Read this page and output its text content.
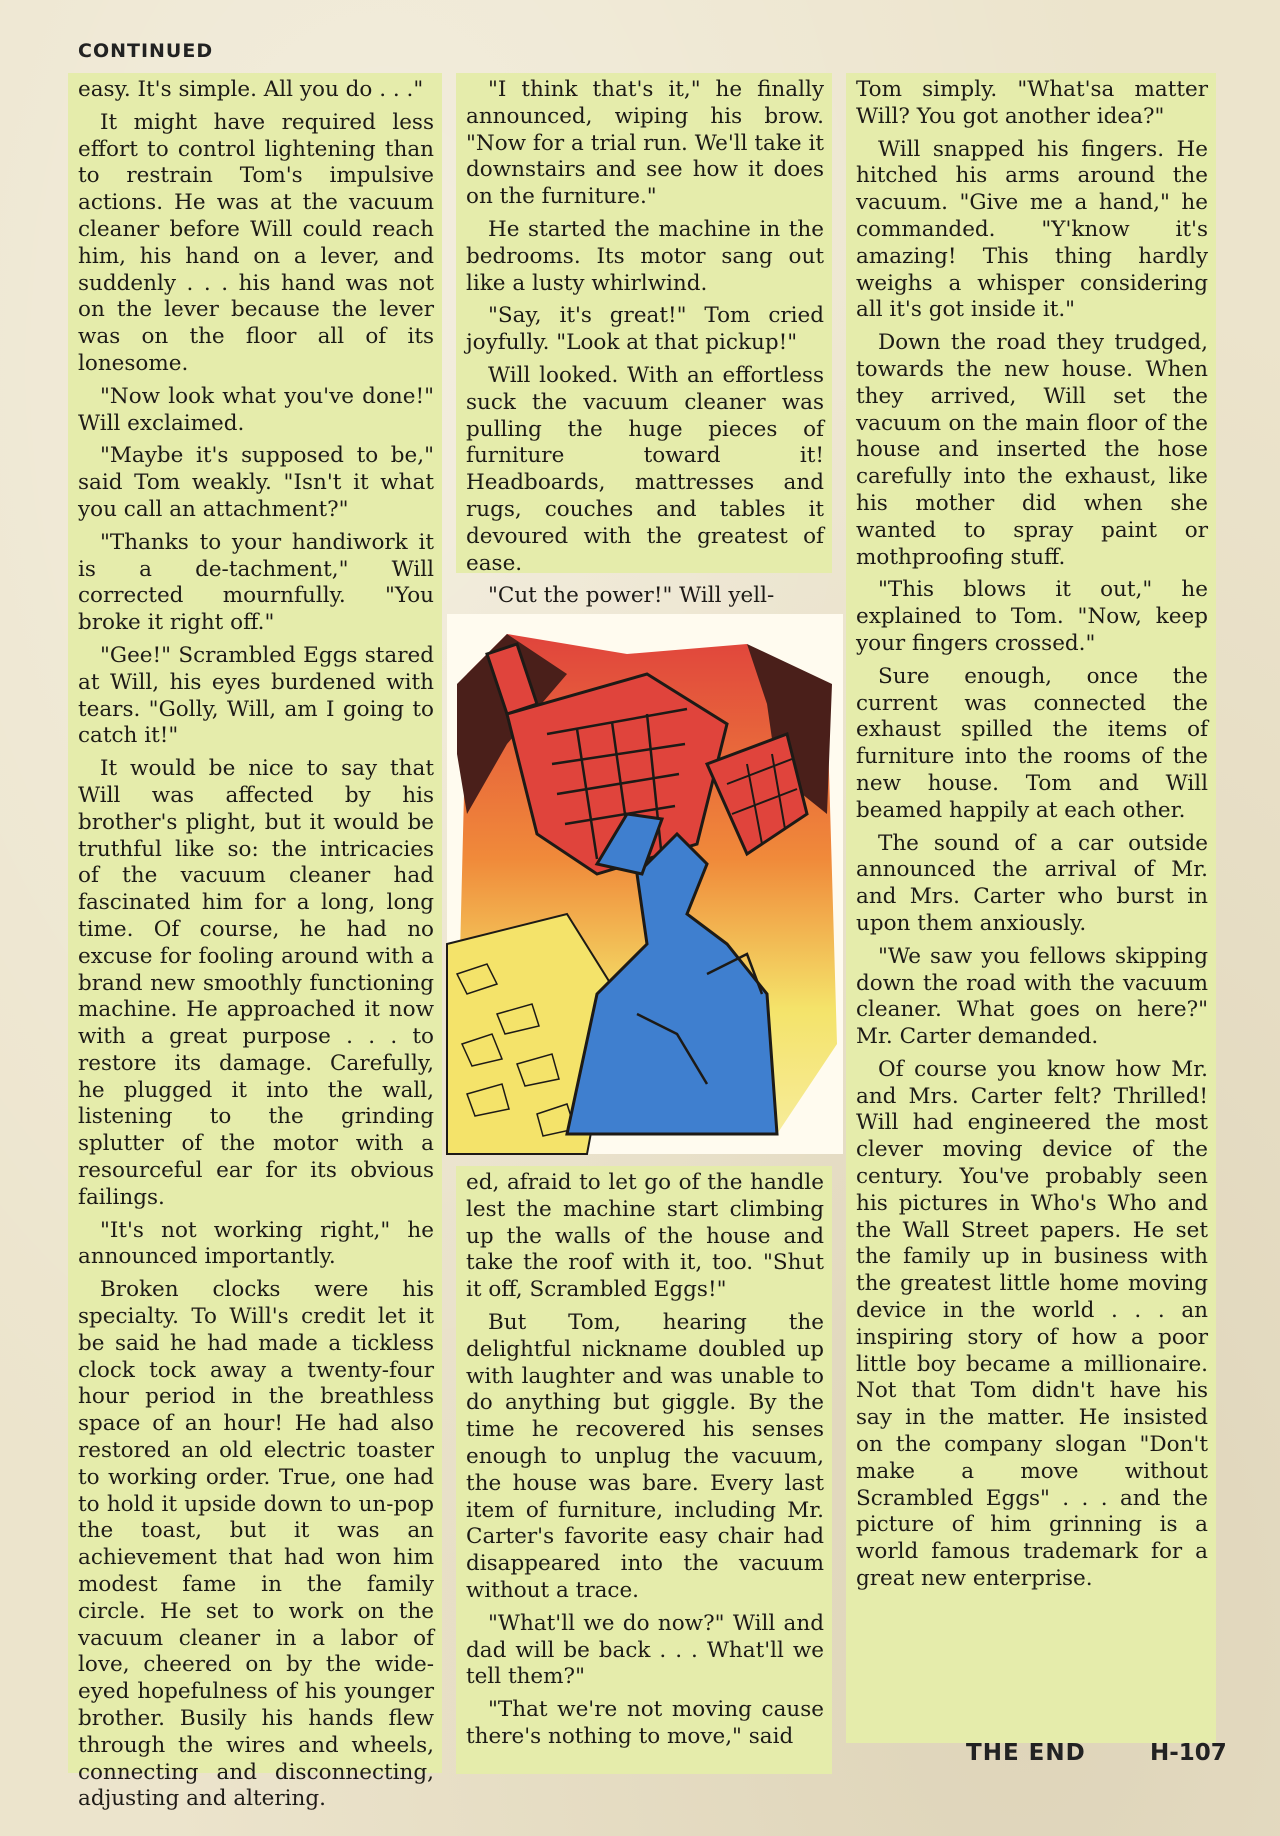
CONTINUED

easy. It's simple. All you do . . ."

It might have required less effort to control lightening than to restrain Tom's impulsive actions. He was at the vacuum cleaner before Will could reach him, his hand on a lever, and suddenly . . . his hand was not on the lever because the lever was on the floor all of its lonesome.

"Now look what you've done!" Will exclaimed.

"Maybe it's supposed to be," said Tom weakly. "Isn't it what you call an attachment?"

"Thanks to your handiwork it is a de-tachment," Will corrected mournfully. "You broke it right off."

"Gee!" Scrambled Eggs stared at Will, his eyes burdened with tears. "Golly, Will, am I going to catch it!"

It would be nice to say that Will was affected by his brother's plight, but it would be truthful like so: the intricacies of the vacuum cleaner had fascinated him for a long, long time. Of course, he had no excuse for fooling around with a brand new smoothly functioning machine. He approached it now with a great purpose . . . to restore its damage. Carefully, he plugged it into the wall, listening to the grinding splutter of the motor with a resourceful ear for its obvious failings.

"It's not working right," he announced importantly.

Broken clocks were his specialty. To Will's credit let it be said he had made a tickless clock tock away a twenty-four hour period in the breathless space of an hour! He had also restored an old electric toaster to working order. True, one had to hold it upside down to un-pop the toast, but it was an achievement that had won him modest fame in the family circle. He set to work on the vacuum cleaner in a labor of love, cheered on by the wide-eyed hopefulness of his younger brother. Busily his hands flew through the wires and wheels, connecting and disconnecting, adjusting and altering.

"I think that's it," he finally announced, wiping his brow. "Now for a trial run. We'll take it downstairs and see how it does on the furniture."

He started the machine in the bedrooms. Its motor sang out like a lusty whirlwind.

"Say, it's great!" Tom cried joyfully. "Look at that pickup!"

Will looked. With an effortless suck the vacuum cleaner was pulling the huge pieces of furniture toward it! Headboards, mattresses and rugs, couches and tables it devoured with the greatest of ease.

"Cut the power!" Will yell-

ed, afraid to let go of the handle lest the machine start climbing up the walls of the house and take the roof with it, too. "Shut it off, Scrambled Eggs!"

But Tom, hearing the delightful nickname doubled up with laughter and was unable to do anything but giggle. By the time he recovered his senses enough to unplug the vacuum, the house was bare. Every last item of furniture, including Mr. Carter's favorite easy chair had disappeared into the vacuum without a trace.

"What'll we do now?" Will and dad will be back . . . What'll we tell them?"

"That we're not moving cause there's nothing to move," said

Tom simply. "What'sa matter Will? You got another idea?"

Will snapped his fingers. He hitched his arms around the vacuum. "Give me a hand," he commanded. "Y'know it's amazing! This thing hardly weighs a whisper considering all it's got inside it."

Down the road they trudged, towards the new house. When they arrived, Will set the vacuum on the main floor of the house and inserted the hose carefully into the exhaust, like his mother did when she wanted to spray paint or mothproofing stuff.

"This blows it out," he explained to Tom. "Now, keep your fingers crossed."

Sure enough, once the current was connected the exhaust spilled the items of furniture into the rooms of the new house. Tom and Will beamed happily at each other.

The sound of a car outside announced the arrival of Mr. and Mrs. Carter who burst in upon them anxiously.

"We saw you fellows skipping down the road with the vacuum cleaner. What goes on here?" Mr. Carter demanded.

Of course you know how Mr. and Mrs. Carter felt? Thrilled! Will had engineered the most clever moving device of the century. You've probably seen his pictures in Who's Who and the Wall Street papers. He set the family up in business with the greatest little home moving device in the world . . . an inspiring story of how a poor little boy became a millionaire. Not that Tom didn't have his say in the matter. He insisted on the company slogan "Don't make a move without Scrambled Eggs" . . . and the picture of him grinning is a world famous trademark for a great new enterprise.

THE END	H-107
